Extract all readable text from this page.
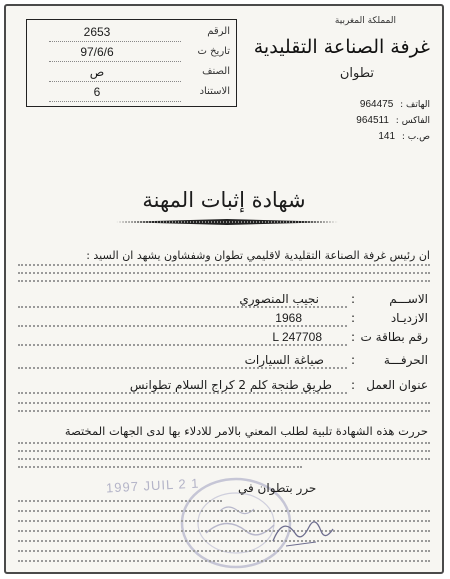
2653	الرقم
97/6/6	تاريخ ت
ص	الصنف
6	الاستناد
المملكة المغربية
غرفة الصناعة التقليدية
تطوان
الهاتف : 964475
الفاكس : 964511
ص.ب : 141
شهادة إثبات المهنة
ان رئيس غرفة الصناعة التقليدية لاقليمي تطوان وشفشاون يشهد ان السيد :
الاســـم
:
نجيب المنصوري
الازديـاد
:
1968
رقم بطاقة ت
:
L 247708
الحرفـــة
:
صياغة السيارات
عنوان العمل
:
طريق طنجة كلم 2 كراج السلام تطوانس
حررت هذه الشهادة تلبية لطلب المعني بالامر للادلاء بها لدى الجهات المختصة
1997 JUIL 2 1	حرر بتطوان في
